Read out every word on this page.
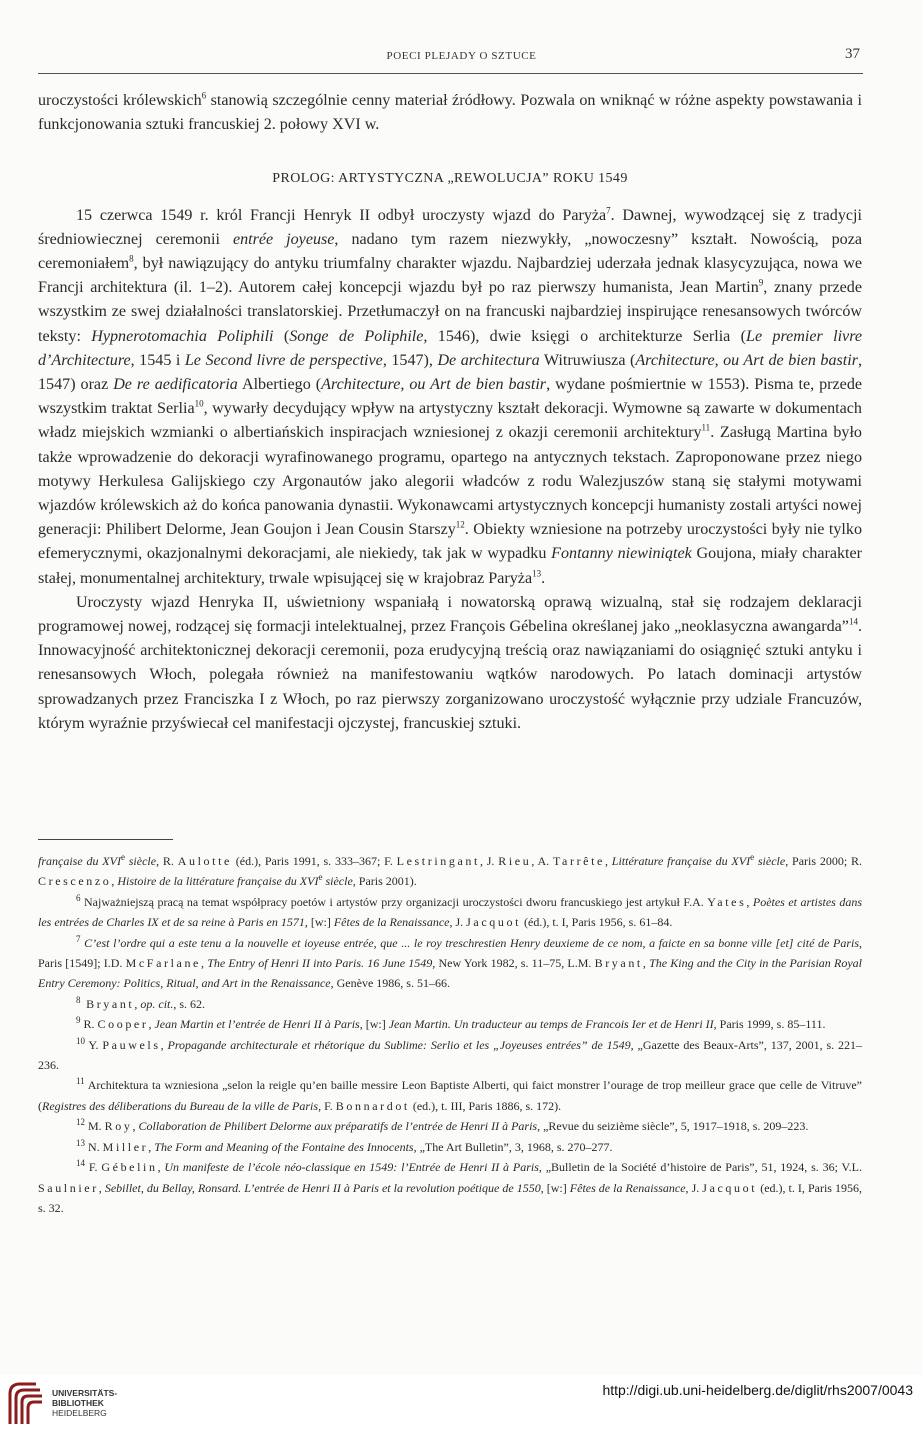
POECI PLEJADY O SZTUCE	37

uroczystości królewskich$^6$ stanowią szczególnie cenny materiał źródłowy. Pozwala on wniknąć w różne aspekty powstawania i funkcjonowania sztuki francuskiej 2. połowy XVI w.

PROLOG: ARTYSTYCZNA „REWOLUCJA” ROKU 1549

15 czerwca 1549 r. król Francji Henryk II odbył uroczysty wjazd do Paryża$^7$. Dawnej, wywodzącej się z tradycji średniowiecznej ceremonii entrée joyeuse, nadano tym razem niezwykły, „nowoczesny” kształt. Nowością, poza ceremoniałem$^8$, był nawiązujący do antyku triumfalny charakter wjazdu. Najbardziej uderzała jednak klasycyzująca, nowa we Francji architektura (il. 1–2). Autorem całej koncepcji wjazdu był po raz pierwszy humanista, Jean Martin$^9$, znany przede wszystkim ze swej działalności translatorskiej. Przetłumaczył on na francuski najbardziej inspirujące renesansowych twórców teksty: Hypnerotomachia Poliphili (Songe de Poliphile, 1546), dwie księgi o architekturze Serlia (Le premier livre d’Architecture, 1545 i Le Second livre de perspective, 1547), De architectura Witruwiusza (Architecture, ou Art de bien bastir, 1547) oraz De re aedificatoria Albertiego (Architecture, ou Art de bien bastir, wydane pośmiertnie w 1553). Pisma te, przede wszystkim traktat Serlia$^{10}$, wywarły decydujący wpływ na artystyczny kształt dekoracji. Wymowne są zawarte w dokumentach władz miejskich wzmianki o albertiańskich inspiracjach wzniesionej z okazji ceremonii architektury$^{11}$. Zasługą Martina było także wprowadzenie do dekoracji wyrafinowanego programu, opartego na antycznych tekstach. Zaproponowane przez niego motywy Herkulesa Galijskiego czy Argonautów jako alegorii władców z rodu Walezjuszów staną się stałymi motywami wjazdów królewskich aż do końca panowania dynastii. Wykonawcami artystycznych koncepcji humanisty zostali artyści nowej generacji: Philibert Delorme, Jean Goujon i Jean Cousin Starszy$^{12}$. Obiekty wzniesione na potrzeby uroczystości były nie tylko efemerycznymi, okazjonalnymi dekoracjami, ale niekiedy, tak jak w wypadku Fontanny niewiniątek Goujona, miały charakter stałej, monumentalnej architektury, trwale wpisującej się w krajobraz Paryża$^{13}$.

Uroczysty wjazd Henryka II, uświetniony wspaniałą i nowatorską oprawą wizualną, stał się rodzajem deklaracji programowej nowej, rodzącej się formacji intelektualnej, przez François Gébelina określanej jako „neoklasyczna awangarda”$^{14}$. Innowacyjność architektonicznej dekoracji ceremonii, poza erudycyjną treścią oraz nawiązaniami do osiągnięć sztuki antyku i renesansowych Włoch, polegała również na manifestowaniu wątków narodowych. Po latach dominacji artystów sprowadzanych przez Franciszka I z Włoch, po raz pierwszy zorganizowano uroczystość wyłącznie przy udziale Francuzów, którym wyraźnie przyświecał cel manifestacji ojczystej, francuskiej sztuki.

française du XVIe siècle, R. Aulotte (éd.), Paris 1991, s. 333–367; F. Lestringant, J. Rieu, A. Tarrête, Littérature française du XVIe siècle, Paris 2000; R. Crescenzo, Histoire de la littérature française du XVIe siècle, Paris 2001).

$^6$ Najważniejszą pracą na temat współpracy poetów i artystów przy organizacji uroczystości dworu francuskiego jest artykuł F.A. Yates, Poètes et artistes dans les entrées de Charles IX et de sa reine à Paris en 1571, [w:] Fêtes de la Renaissance, J. Jacquot (éd.), t. I, Paris 1956, s. 61–84.

$^7$ C’est l’ordre qui a este tenu a la nouvelle et ioyeuse entrée, que ... le roy treschrestien Henry deuxieme de ce nom, a faicte en sa bonne ville [et] cité de Paris, Paris [1549]; I.D. McFarlane, The Entry of Henri II into Paris. 16 June 1549, New York 1982, s. 11–75, L.M. Bryant, The King and the City in the Parisian Royal Entry Ceremony: Politics, Ritual, and Art in the Renaissance, Genève 1986, s. 51–66.

$^8$ Bryant, op. cit., s. 62.

$^9$ R. Cooper, Jean Martin et l’entrée de Henri II à Paris, [w:] Jean Martin. Un traducteur au temps de Francois Ier et de Henri II, Paris 1999, s. 85–111.

$^{10}$ Y. Pauwels, Propagande architecturale et rhétorique du Sublime: Serlio et les „Joyeuses entrées” de 1549, „Gazette des Beaux-Arts”, 137, 2001, s. 221–236.

$^{11}$ Architektura ta wzniesiona „selon la reigle qu’en baille messire Leon Baptiste Alberti, qui faict monstrer l’ourage de trop meilleur grace que celle de Vitruve” (Registres des déliberations du Bureau de la ville de Paris, F. Bonnardot (ed.), t. III, Paris 1886, s. 172).

$^{12}$ M. Roy, Collaboration de Philibert Delorme aux préparatifs de l’entrée de Henri II à Paris, „Revue du seizième siècle”, 5, 1917–1918, s. 209–223.

$^{13}$ N. Miller, The Form and Meaning of the Fontaine des Innocents, „The Art Bulletin”, 3, 1968, s. 270–277.

$^{14}$ F. Gébelin, Un manifeste de l’école néo-classique en 1549: l’Entrée de Henri II à Paris, „Bulletin de la Société d’histoire de Paris”, 51, 1924, s. 36; V.L. Saulnier, Sebillet, du Bellay, Ronsard. L’entrée de Henri II à Paris et la revolution poétique de 1550, [w:] Fêtes de la Renaissance, J. Jacquot (ed.), t. I, Paris 1956, s. 32.

UNIVERSITÄTS-
BIBLIOTHEK
HEIDELBERG
http://digi.ub.uni-heidelberg.de/diglit/rhs2007/0043
